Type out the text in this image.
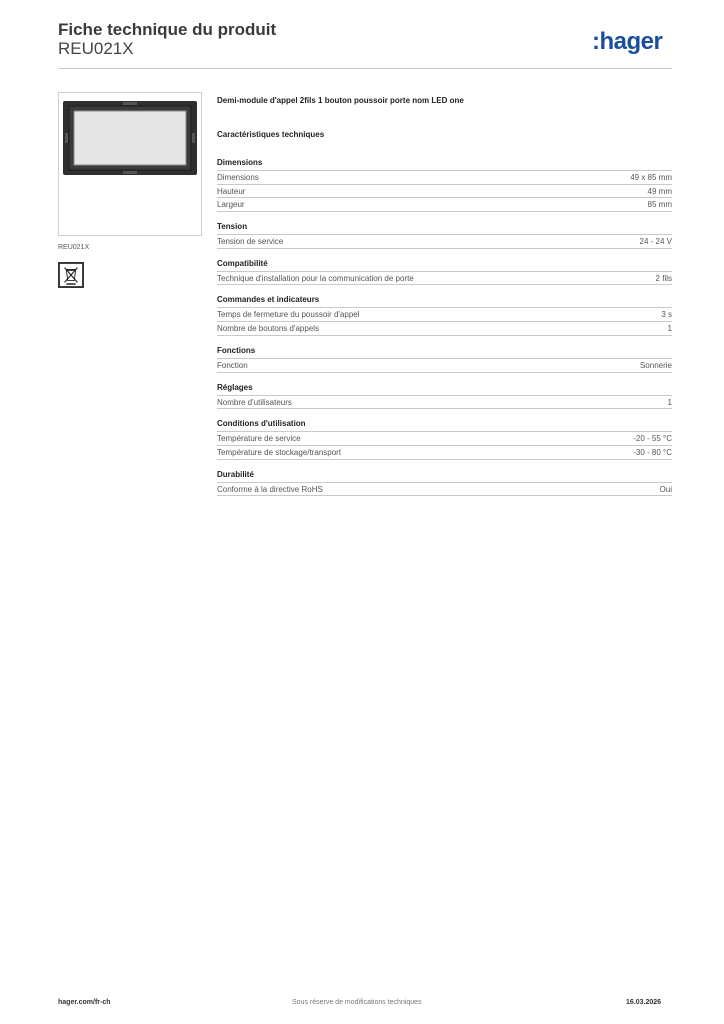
Fiche technique du produit
REU021X	:hager
REU021X
Demi-module d'appel 2fils 1 bouton poussoir porte nom LED one
Caractéristiques techniques
Dimensions
Dimensions	49 x 85 mm
Hauteur	49 mm
Largeur	85 mm
Tension
Tension de service	24 - 24 V
Compatibilité
Technique d'installation pour la communication de porte	2 fils
Commandes et indicateurs
Temps de fermeture du poussoir d'appel	3 s
Nombre de boutons d'appels	1
Fonctions
Fonction	Sonnerie
Réglages
Nombre d'utilisateurs	1
Conditions d'utilisation
Température de service	-20 - 55 °C
Température de stockage/transport	-30 - 80 °C
Durabilité
Conforme à la directive RoHS	Oui
hager.com/fr-ch	Sous réserve de modifications techniques	16.03.2026
